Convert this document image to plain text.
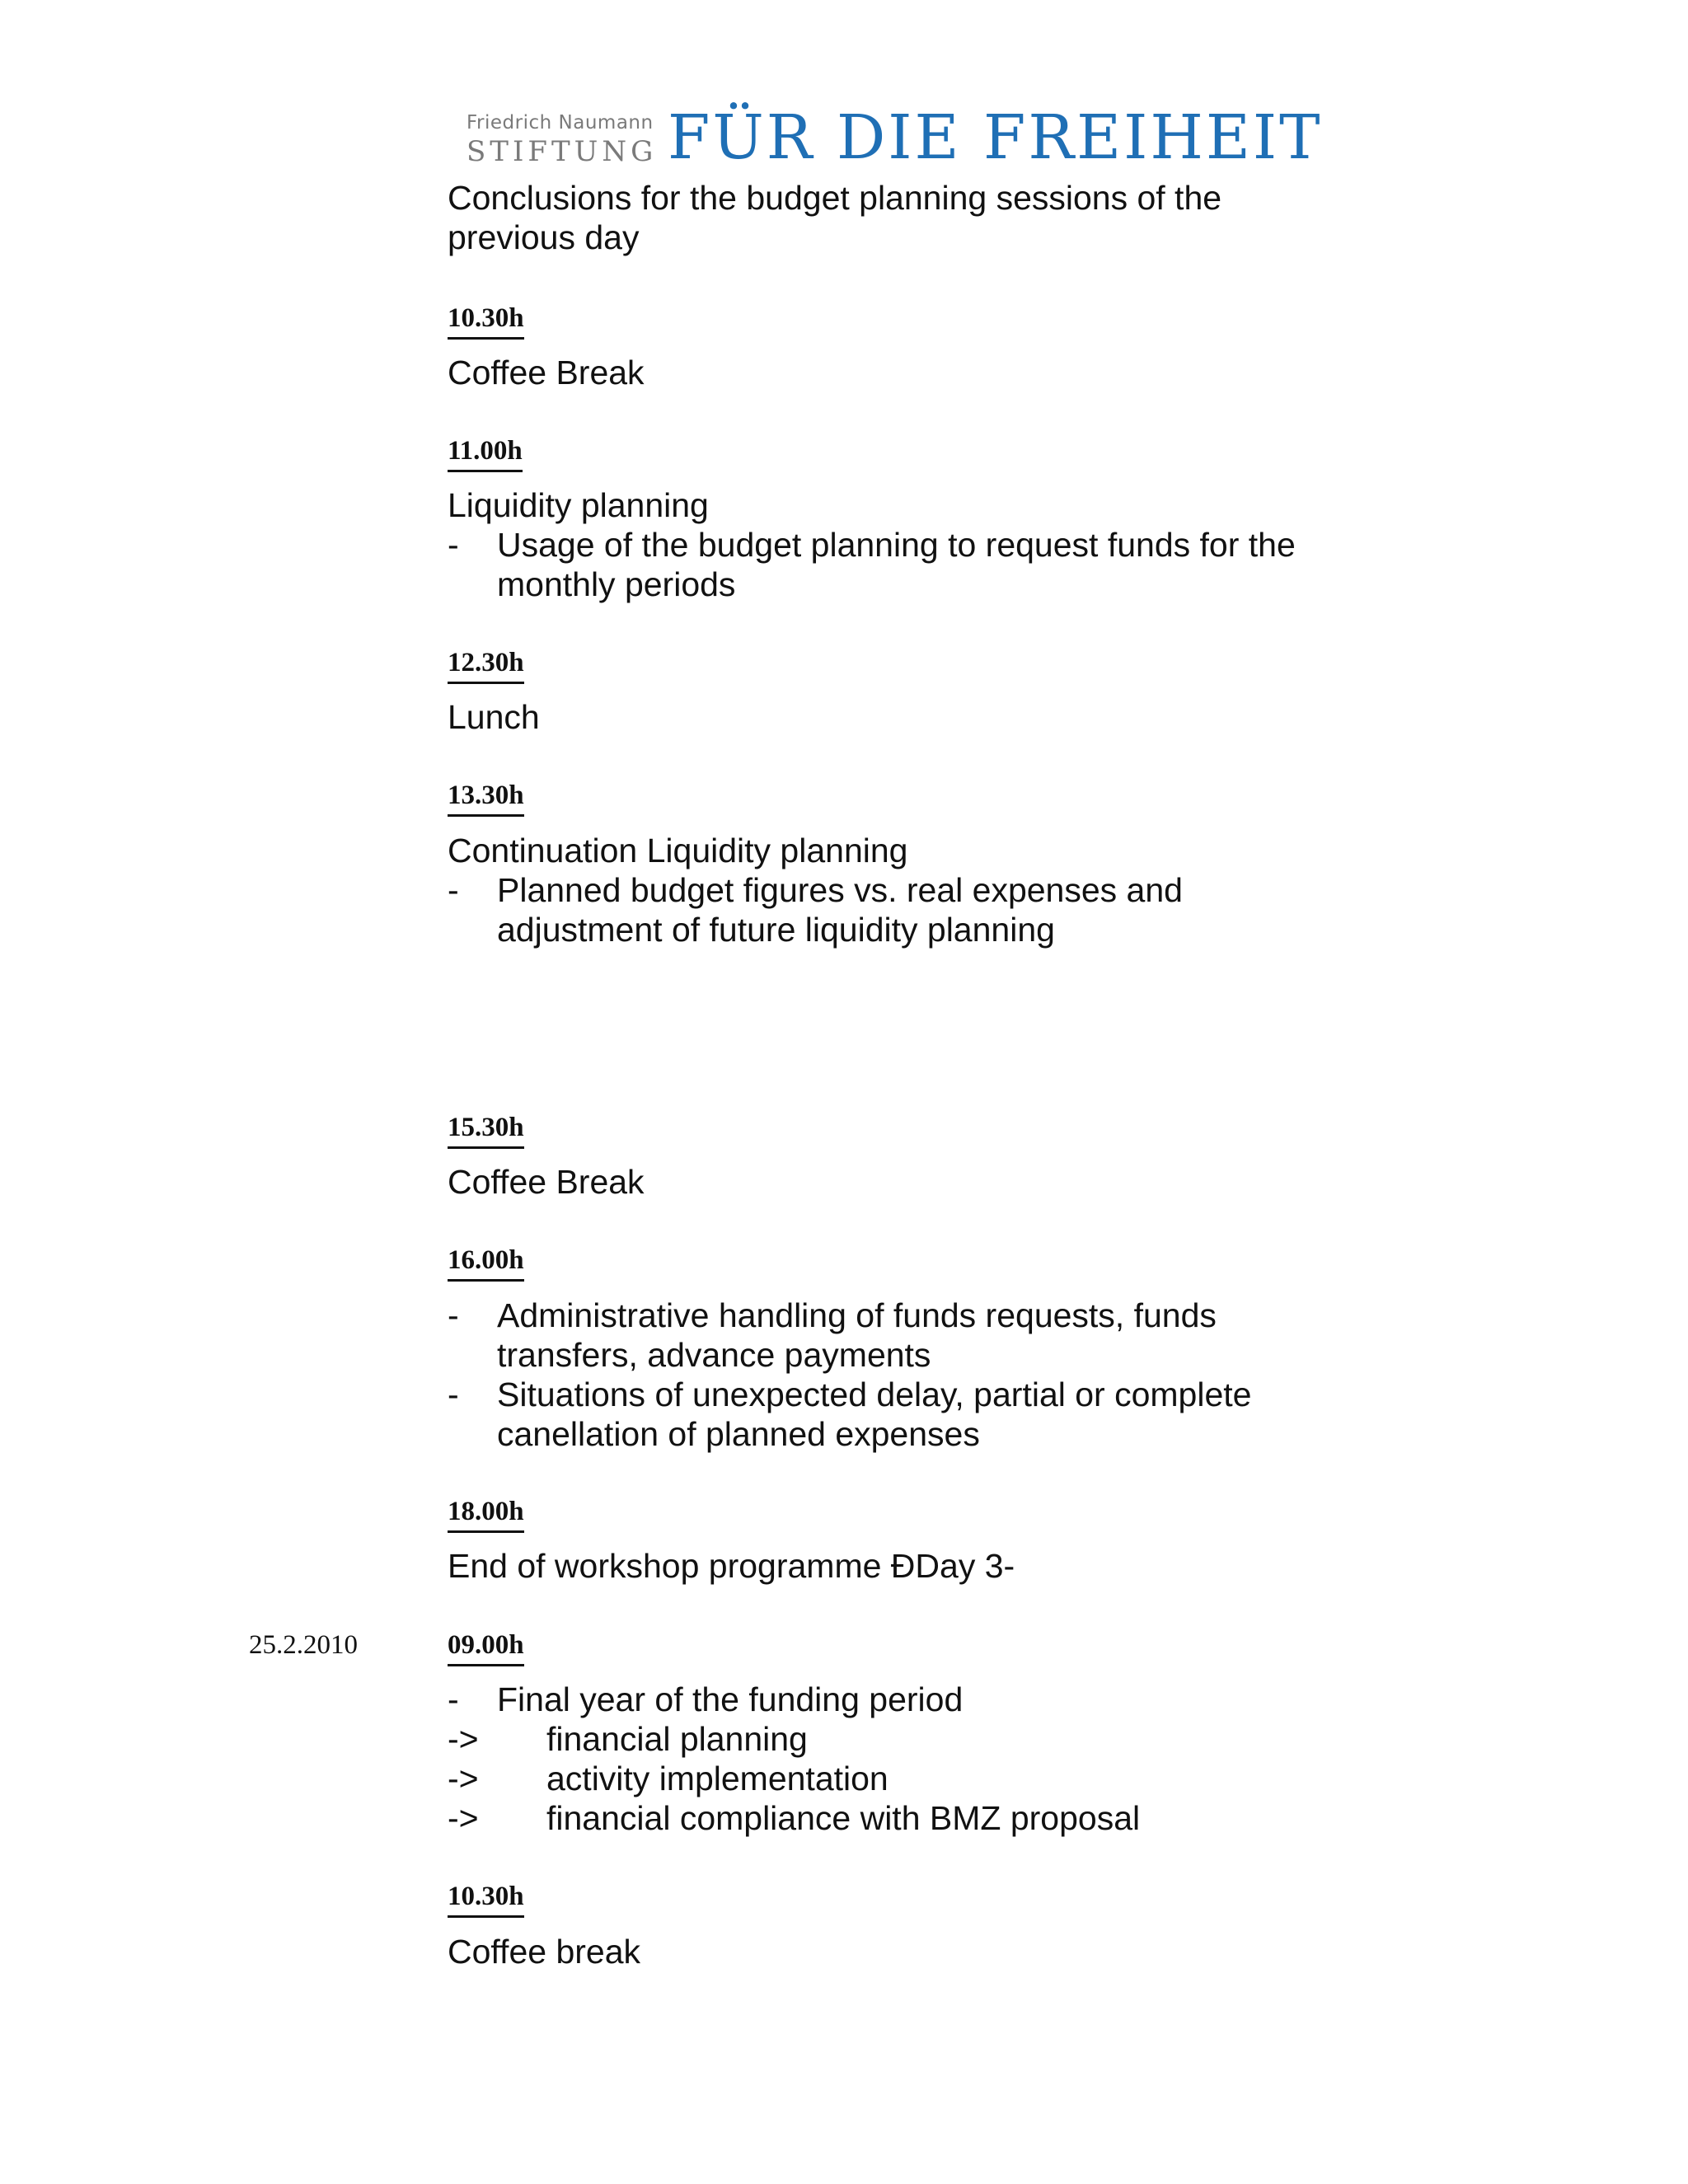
Friedrich Naumann
STIFTUNG FÜR DIE FREIHEIT
Conclusions for the budget planning sessions of the
previous day
10.30h
Coffee Break
11.00h
Liquidity planning
- Usage of the budget planning to request funds for the
monthly periods
12.30h
Lunch
13.30h
Continuation Liquidity planning
- Planned budget figures vs. real expenses and
adjustment of future liquidity planning
15.30h
Coffee Break
16.00h
- Administrative handling of funds requests, funds
transfers, advance payments
- Situations of unexpected delay, partial or complete
canellation of planned expenses
18.00h
End of workshop programme ÐDay 3-
25.2.2010	09.00h
- Final year of the funding period
-> financial planning
-> activity implementation
-> financial compliance with BMZ proposal
10.30h
Coffee break
